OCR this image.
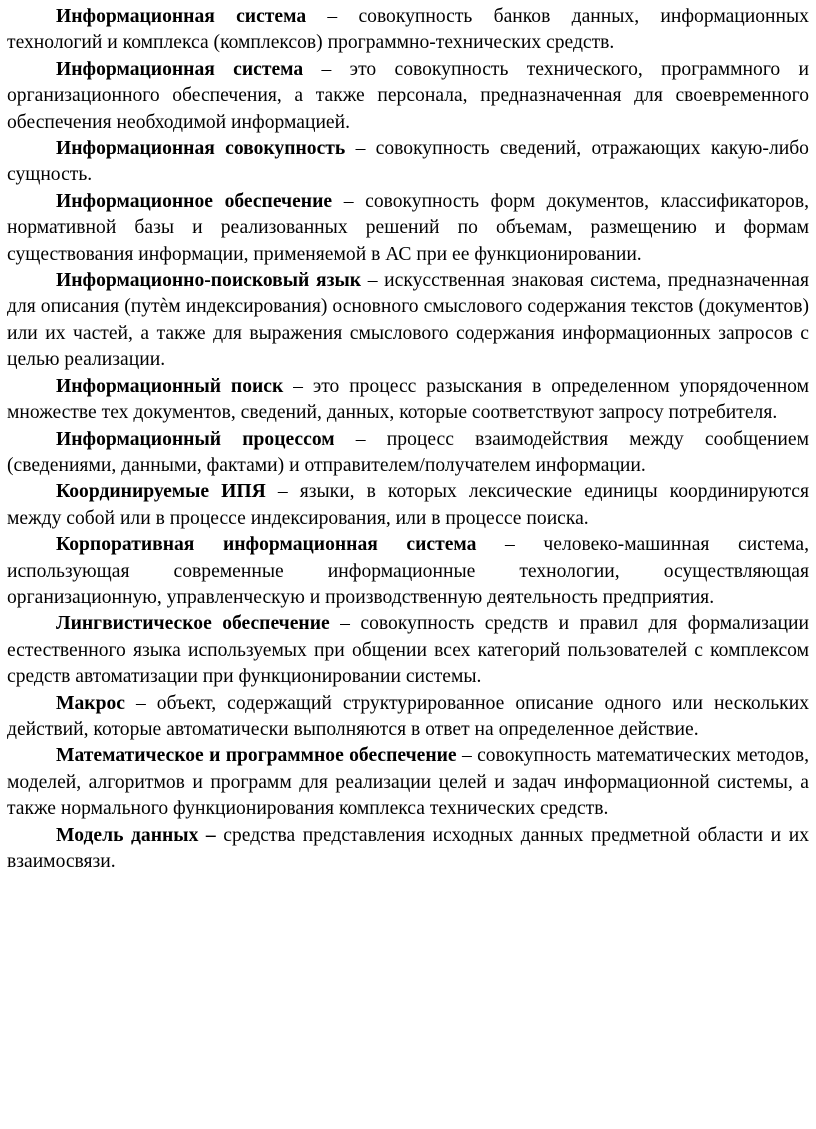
Информационная система – совокупность банков данных, информационных технологий и комплекса (комплексов) программно-технических средств.

Информационная система – это совокупность технического, программного и организационного обеспечения, а также персонала, предназначенная для своевременного обеспечения необходимой информацией.

Информационная совокупность – совокупность сведений, отражающих какую-либо сущность.

Информационное обеспечение – совокупность форм документов, классификаторов, нормативной базы и реализованных решений по объемам, размещению и формам существования информации, применяемой в АС при ее функционировании.

Информационно-поисковый язык – искусственная знаковая система, предназначенная для описания (путѐм индексирования) основного смыслового содержания текстов (документов) или их частей, а также для выражения смыслового содержания информационных запросов с целью реализации.

Информационный поиск – это процесс разыскания в определенном упорядоченном множестве тех документов, сведений, данных, которые соответствуют запросу потребителя.

Информационный процессом – процесс взаимодействия между сообщением (сведениями, данными, фактами) и отправителем/получателем информации.

Координируемые ИПЯ – языки, в которых лексические единицы координируются между собой или в процессе индексирования, или в процессе поиска.

Корпоративная информационная система – человеко-машинная система, использующая современные информационные технологии, осуществляющая организационную, управленческую и производственную деятельность предприятия.

Лингвистическое обеспечение – совокупность средств и правил для формализации естественного языка используемых при общении всех категорий пользователей с комплексом средств автоматизации при функционировании системы.

Макрос – объект, содержащий структурированное описание одного или нескольких действий, которые автоматически выполняются в ответ на определенное действие.

Математическое и программное обеспечение – совокупность математических методов, моделей, алгоритмов и программ для реализации целей и задач информационной системы, а также нормального функционирования комплекса технических средств.

Модель данных – средства представления исходных данных предметной области и их взаимосвязи.
